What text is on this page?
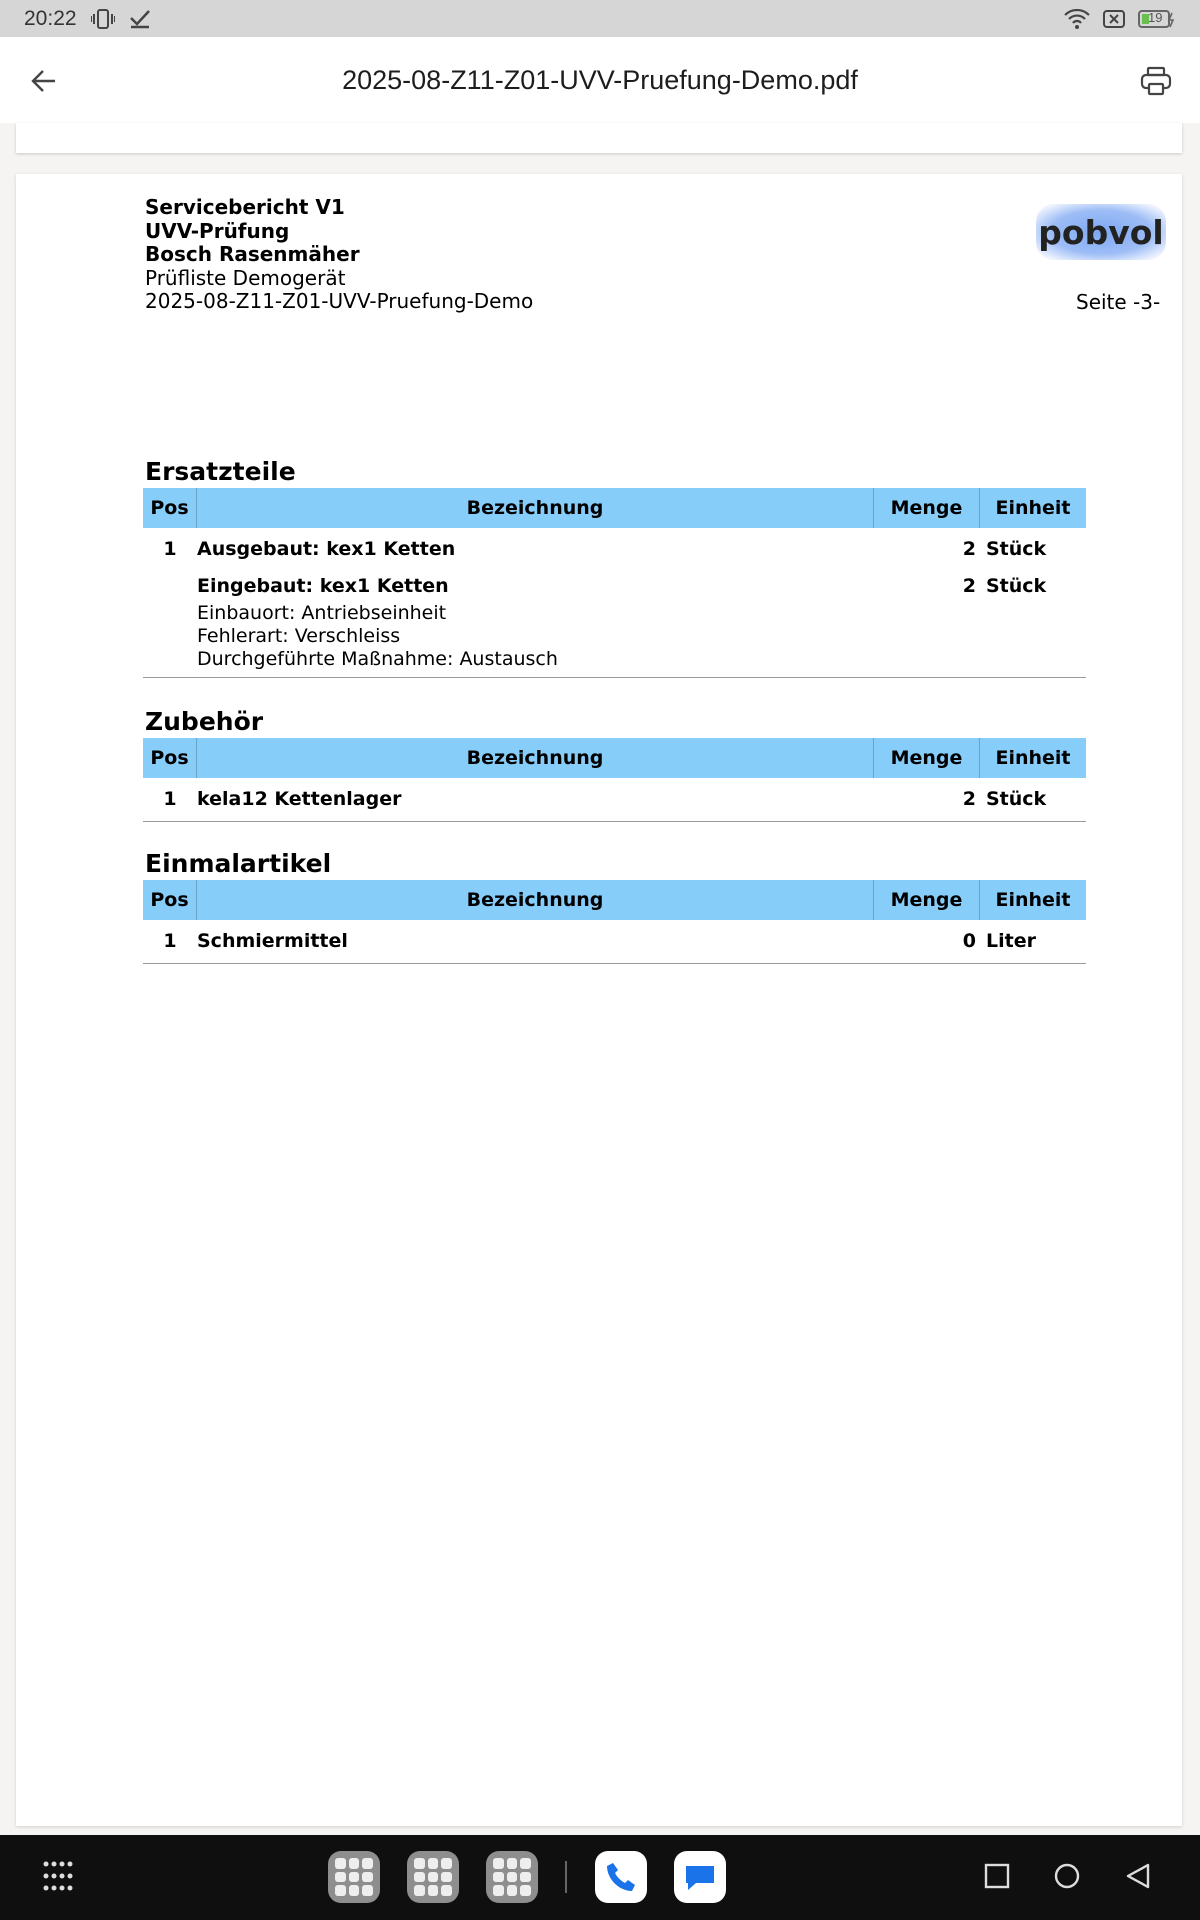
20:22	19
2025-08-Z11-Z01-UVV-Pruefung-Demo.pdf
Servicebericht V1
UVV-Prüfung
Bosch Rasenmäher
Prüfliste Demogerät
2025-08-Z11-Z01-UVV-Pruefung-Demo
pobvol
Seite -3-
Ersatzteile
Pos	Bezeichnung	Menge	Einheit
1	Ausgebaut: kex1 Ketten	2 Stück
Eingebaut: kex1 Ketten	2 Stück
Einbauort: Antriebseinheit
Fehlerart: Verschleiss
Durchgeführte Maßnahme: Austausch
Zubehör
Pos	Bezeichnung	Menge	Einheit
1	kela12 Kettenlager	2 Stück
Einmalartikel
Pos	Bezeichnung	Menge	Einheit
1	Schmiermittel	0 Liter
